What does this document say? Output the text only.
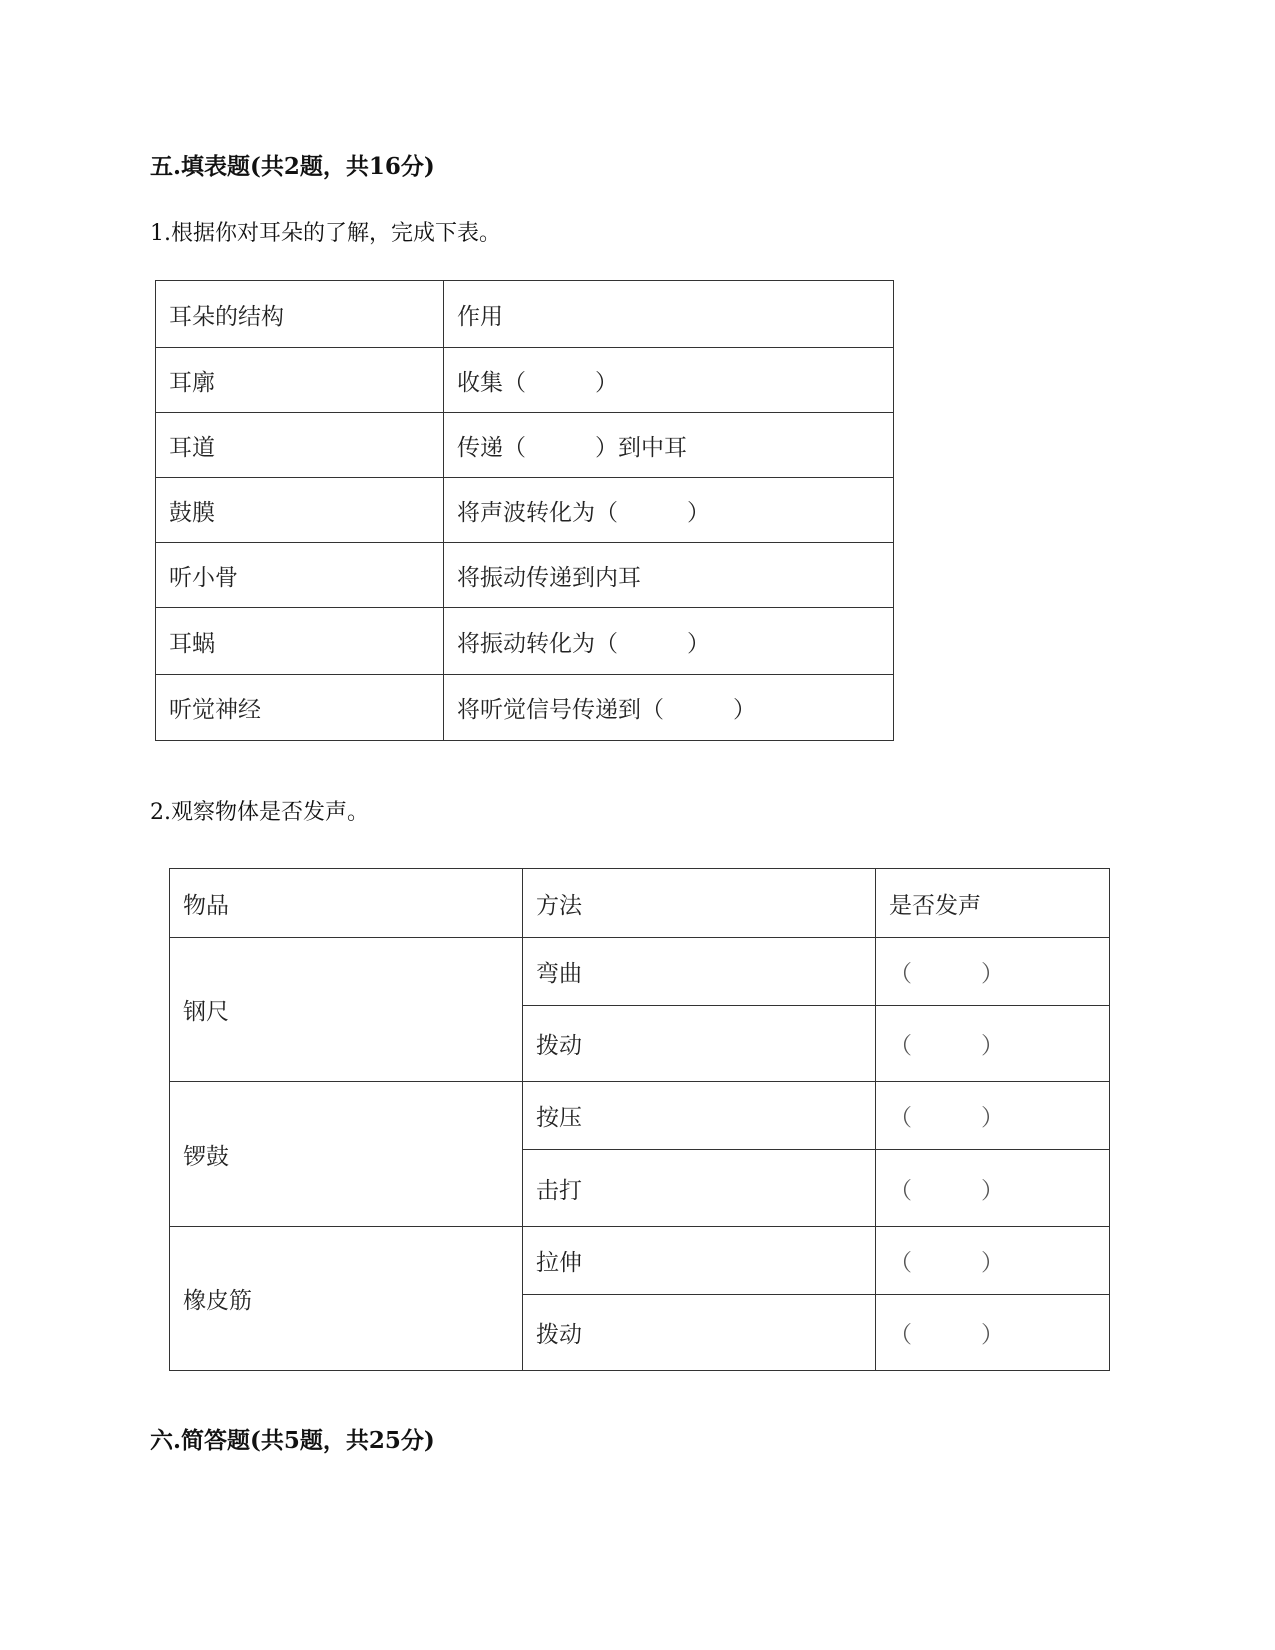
五.填表题(共2题，共16分)
1.根据你对耳朵的了解，完成下表。
耳朵的结构	作用
耳廓	收集（　　　）
耳道	传递（　　　）到中耳
鼓膜	将声波转化为（　　　）
听小骨	将振动传递到内耳
耳蜗	将振动转化为（　　　）
听觉神经	将听觉信号传递到（　　　）
2.观察物体是否发声。
物品	方法	是否发声
钢尺	弯曲	（　　　）
	拨动	（　　　）
锣鼓	按压	（　　　）
	击打	（　　　）
橡皮筋	拉伸	（　　　）
	拨动	（　　　）
六.简答题(共5题，共25分)
